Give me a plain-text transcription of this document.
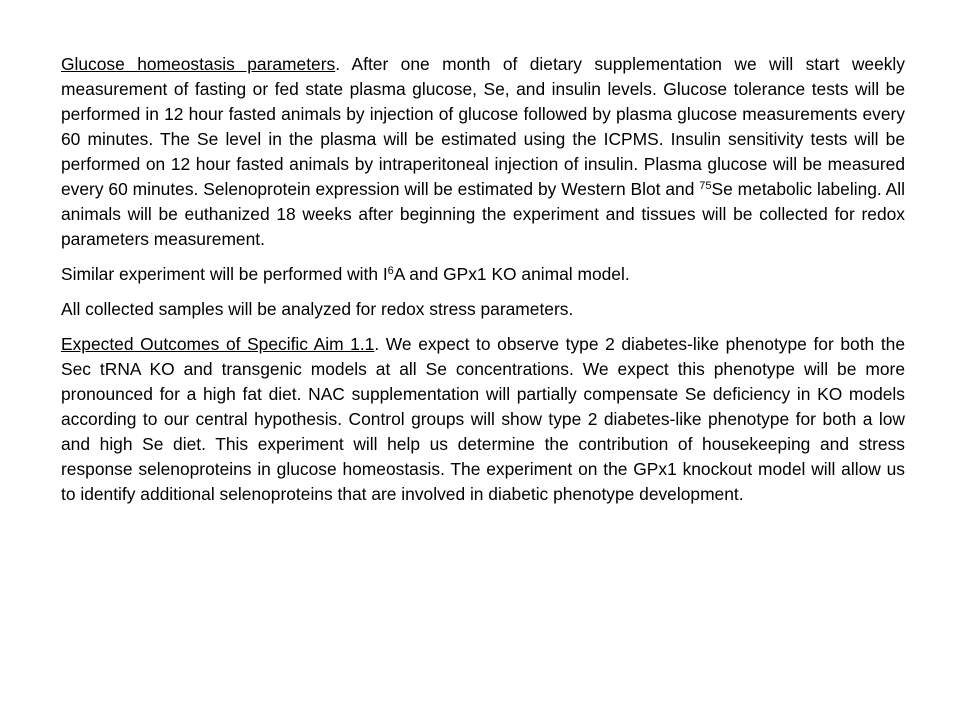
Glucose homeostasis parameters. After one month of dietary supplementation we will start weekly measurement of fasting or fed state plasma glucose, Se, and insulin levels. Glucose tolerance tests will be performed in 12 hour fasted animals by injection of glucose followed by plasma glucose measurements every 60 minutes. The Se level in the plasma will be estimated using the ICPMS. Insulin sensitivity tests will be performed on 12 hour fasted animals by intraperitoneal injection of insulin. Plasma glucose will be measured every 60 minutes. Selenoprotein expression will be estimated by Western Blot and $^{75}$Se metabolic labeling. All animals will be euthanized 18 weeks after beginning the experiment and tissues will be collected for redox parameters measurement.

Similar experiment will be performed with $I^6A$ and GPx1 KO animal model.

All collected samples will be analyzed for redox stress parameters.

Expected Outcomes of Specific Aim 1.1. We expect to observe type 2 diabetes-like phenotype for both the Sec tRNA KO and transgenic models at all Se concentrations. We expect this phenotype will be more pronounced for a high fat diet. NAC supplementation will partially compensate Se deficiency in KO models according to our central hypothesis. Control groups will show type 2 diabetes-like phenotype for both a low and high Se diet. This experiment will help us determine the contribution of housekeeping and stress response selenoproteins in glucose homeostasis. The experiment on the GPx1 knockout model will allow us to identify additional selenoproteins that are involved in diabetic phenotype development.
